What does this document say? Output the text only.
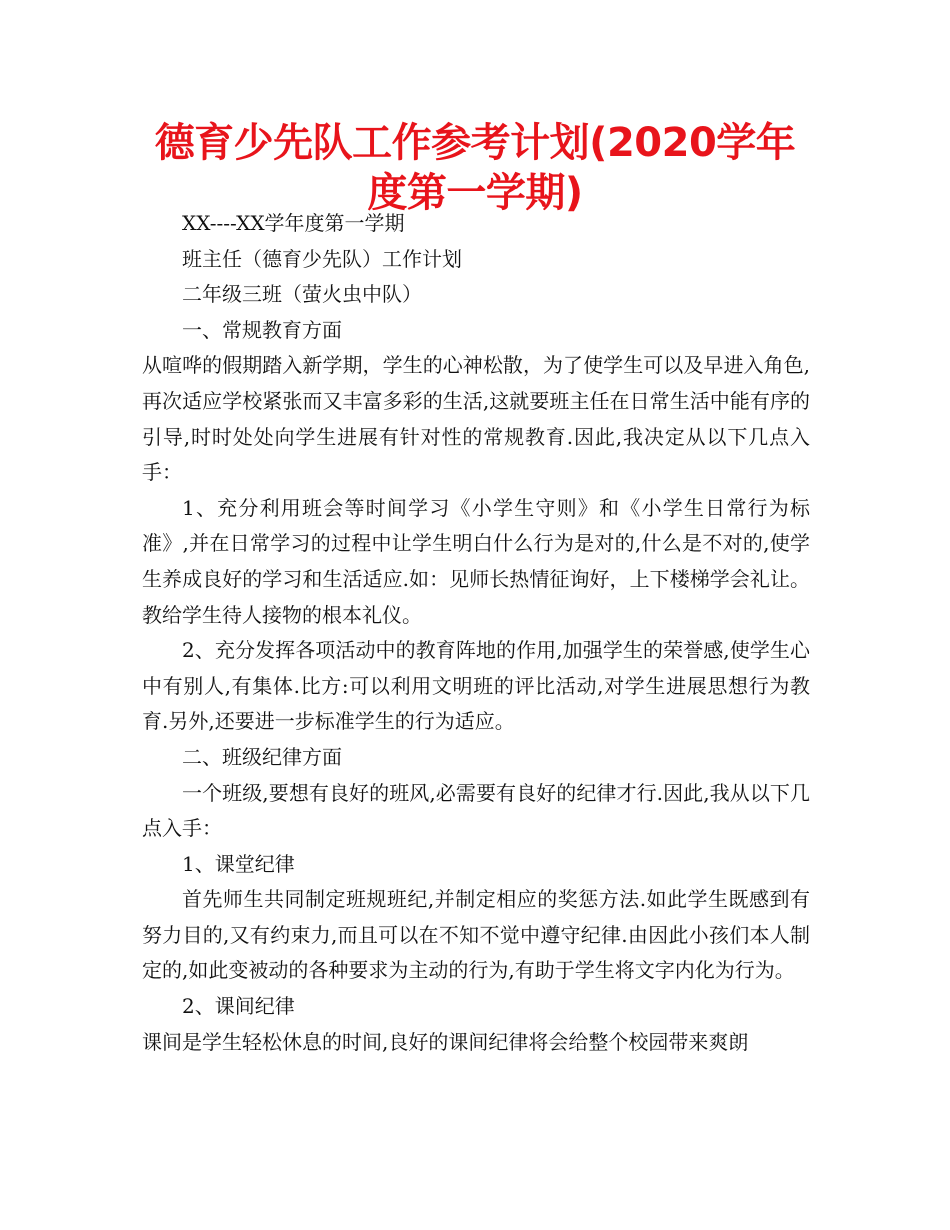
德育少先队工作参考计划(2020学年度第一学期)

XX----XX学年度第一学期

班主任（德育少先队）工作计划

二年级三班（萤火虫中队）

一、常规教育方面

从喧哗的假期踏入新学期，学生的心神松散，为了使学生可以及早进入角色,再次适应学校紧张而又丰富多彩的生活,这就要班主任在日常生活中能有序的引导,时时处处向学生进展有针对性的常规教育.因此,我决定从以下几点入手：

1、充分利用班会等时间学习《小学生守则》和《小学生日常行为标准》,并在日常学习的过程中让学生明白什么行为是对的,什么是不对的,使学生养成良好的学习和生活适应.如：见师长热情征询好，上下楼梯学会礼让。教给学生待人接物的根本礼仪。

2、充分发挥各项活动中的教育阵地的作用,加强学生的荣誉感,使学生心中有别人,有集体.比方:可以利用文明班的评比活动,对学生进展思想行为教育.另外,还要进一步标准学生的行为适应。

二、班级纪律方面

一个班级,要想有良好的班风,必需要有良好的纪律才行.因此,我从以下几点入手：

1、课堂纪律

首先师生共同制定班规班纪,并制定相应的奖惩方法.如此学生既感到有努力目的,又有约束力,而且可以在不知不觉中遵守纪律.由因此小孩们本人制定的,如此变被动的各种要求为主动的行为,有助于学生将文字内化为行为。

2、课间纪律

课间是学生轻松休息的时间,良好的课间纪律将会给整个校园带来爽朗
